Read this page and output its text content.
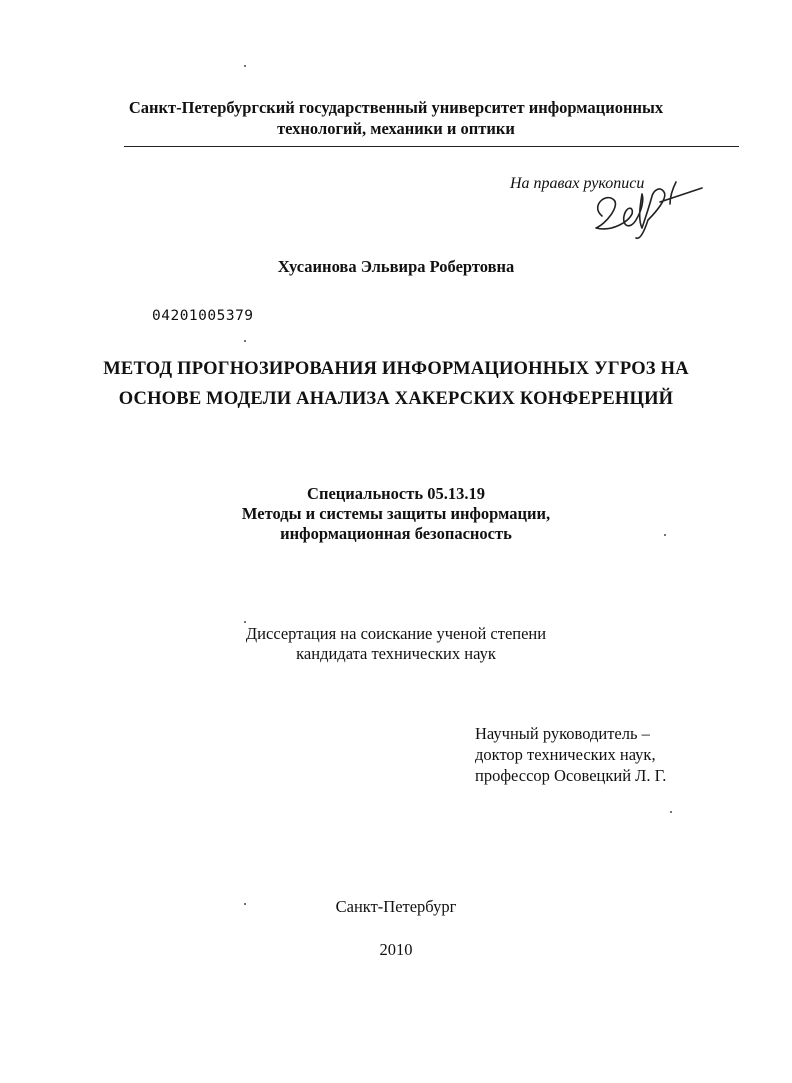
Санкт-Петербургский государственный университет информационных
технологий, механики и оптики
На правах рукописи
Хусаинова Эльвира Робертовна
04201005379
МЕТОД ПРОГНОЗИРОВАНИЯ ИНФОРМАЦИОННЫХ УГРОЗ НА
ОСНОВЕ МОДЕЛИ АНАЛИЗА ХАКЕРСКИХ КОНФЕРЕНЦИЙ
Специальность 05.13.19
Методы и системы защиты информации,
информационная безопасность
Диссертация на соискание ученой степени
кандидата технических наук
Научный руководитель –
доктор технических наук,
профессор Осовецкий Л. Г.
Санкт-Петербург
2010
